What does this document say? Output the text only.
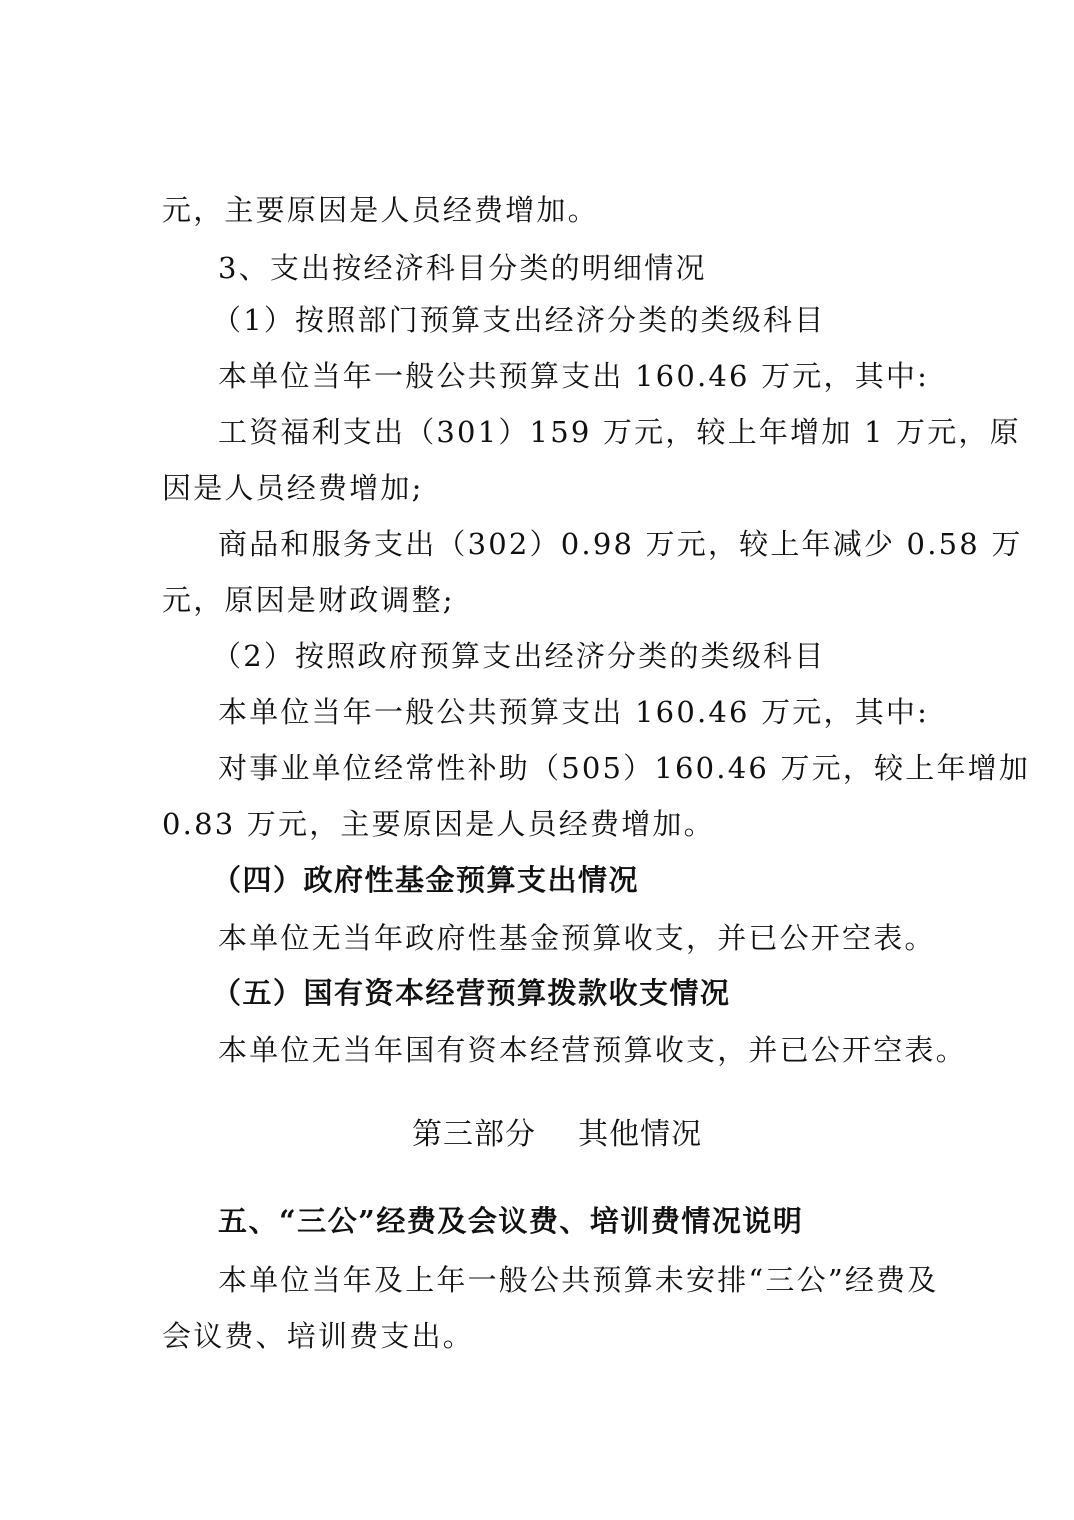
元，主要原因是人员经费增加。
3、支出按经济科目分类的明细情况
（1）按照部门预算支出经济分类的类级科目
本单位当年一般公共预算支出 160.46 万元，其中:
工资福利支出（301）159 万元，较上年增加 1 万元，原
因是人员经费增加;
商品和服务支出（302）0.98 万元，较上年减少 0.58 万
元，原因是财政调整;
（2）按照政府预算支出经济分类的类级科目
本单位当年一般公共预算支出 160.46 万元，其中:
对事业单位经常性补助（505）160.46 万元，较上年增加
0.83 万元，主要原因是人员经费增加。
（四）政府性基金预算支出情况
本单位无当年政府性基金预算收支，并已公开空表。
（五）国有资本经营预算拨款收支情况
本单位无当年国有资本经营预算收支，并已公开空表。
第三部分    其他情况
五、“三公”经费及会议费、培训费情况说明
本单位当年及上年一般公共预算未安排“三公”经费及
会议费、培训费支出。
